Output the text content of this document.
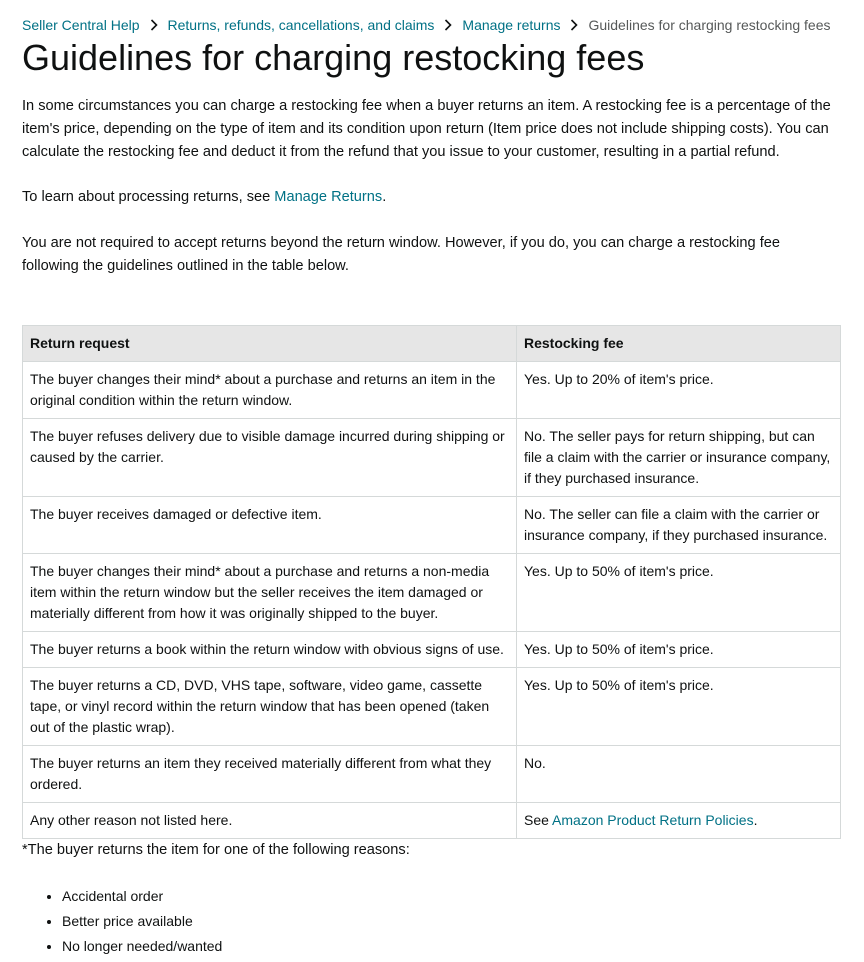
Seller Central Help Returns, refunds, cancellations, and claims Manage returns Guidelines for charging restocking fees
Guidelines for charging restocking fees

In some circumstances you can charge a restocking fee when a buyer returns an item. A restocking fee is a percentage of the item's price, depending on the type of item and its condition upon return (Item price does not include shipping costs). You can calculate the restocking fee and deduct it from the refund that you issue to your customer, resulting in a partial refund.

To learn about processing returns, see Manage Returns.

You are not required to accept returns beyond the return window. However, if you do, you can charge a restocking fee following the guidelines outlined in the table below.

Return request	Restocking fee
The buyer changes their mind* about a purchase and returns an item in the original condition within the return window.	Yes. Up to 20% of item's price.
The buyer refuses delivery due to visible damage incurred during shipping or caused by the carrier.	No. The seller pays for return shipping, but can file a claim with the carrier or insurance company, if they purchased insurance.
The buyer receives damaged or defective item.	No. The seller can file a claim with the carrier or insurance company, if they purchased insurance.
The buyer changes their mind* about a purchase and returns a non-media item within the return window but the seller receives the item damaged or materially different from how it was originally shipped to the buyer.	Yes. Up to 50% of item's price.
The buyer returns a book within the return window with obvious signs of use.	Yes. Up to 50% of item's price.
The buyer returns a CD, DVD, VHS tape, software, video game, cassette tape, or vinyl record within the return window that has been opened (taken out of the plastic wrap).	Yes. Up to 50% of item's price.
The buyer returns an item they received materially different from what they ordered.	No.
Any other reason not listed here.	See Amazon Product Return Policies.
*The buyer returns the item for one of the following reasons:
• Accidental order
• Better price available
• No longer needed/wanted
